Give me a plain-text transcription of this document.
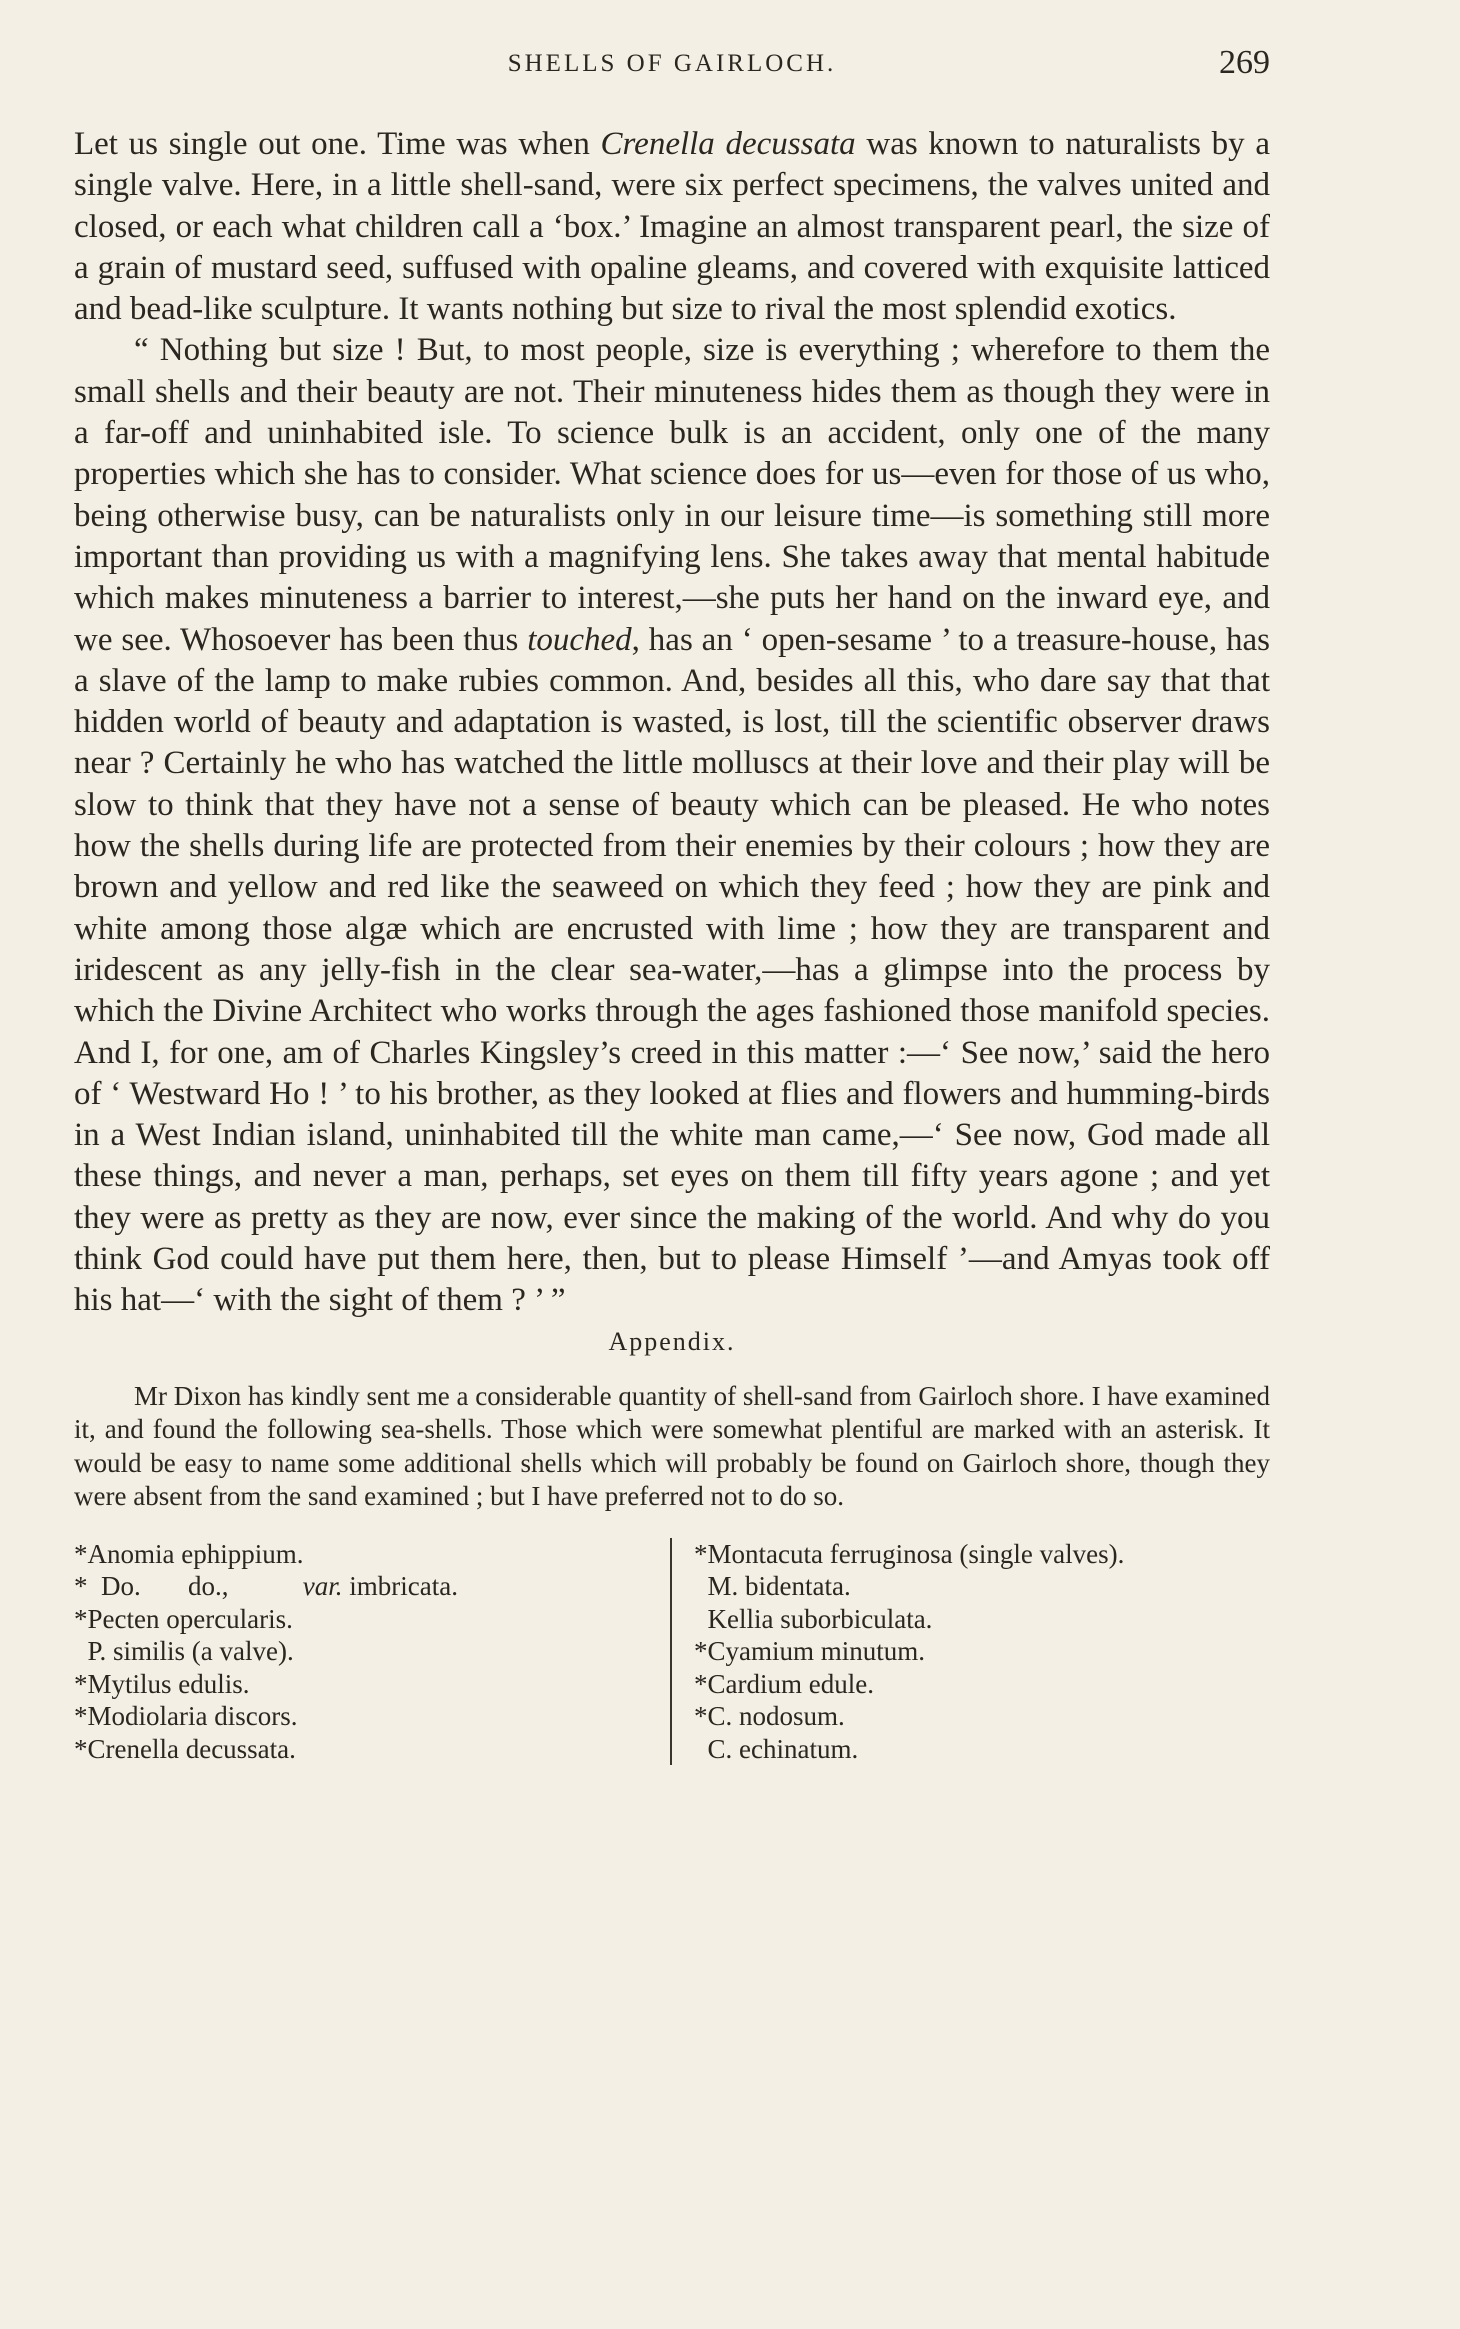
SHELLS OF GAIRLOCH.	269

Let us single out one. Time was when Crenella decussata was known to naturalists by a single valve. Here, in a little shell-sand, were six perfect specimens, the valves united and closed, or each what children call a ‘box.’ Imagine an almost transparent pearl, the size of a grain of mustard seed, suffused with opaline gleams, and covered with exquisite latticed and bead-like sculpture. It wants nothing but size to rival the most splendid exotics.

“ Nothing but size ! But, to most people, size is everything ; wherefore to them the small shells and their beauty are not. Their minuteness hides them as though they were in a far-off and uninhabited isle. To science bulk is an accident, only one of the many properties which she has to consider. What science does for us—even for those of us who, being otherwise busy, can be naturalists only in our leisure time—is something still more important than providing us with a magnifying lens. She takes away that mental habitude which makes minuteness a barrier to interest,—she puts her hand on the inward eye, and we see. Whosoever has been thus touched, has an ‘ open-sesame ’ to a treasure-house, has a slave of the lamp to make rubies common. And, besides all this, who dare say that that hidden world of beauty and adaptation is wasted, is lost, till the scientific observer draws near ? Certainly he who has watched the little molluscs at their love and their play will be slow to think that they have not a sense of beauty which can be pleased. He who notes how the shells during life are protected from their enemies by their colours ; how they are brown and yellow and red like the seaweed on which they feed ; how they are pink and white among those algæ which are encrusted with lime ; how they are transparent and iridescent as any jelly-fish in the clear sea-water,—has a glimpse into the process by which the Divine Architect who works through the ages fashioned those manifold species. And I, for one, am of Charles Kingsley’s creed in this matter :—‘ See now,’ said the hero of ‘ Westward Ho ! ’ to his brother, as they looked at flies and flowers and humming-birds in a West Indian island, uninhabited till the white man came,—‘ See now, God made all these things, and never a man, perhaps, set eyes on them till fifty years agone ; and yet they were as pretty as they are now, ever since the making of the world. And why do you think God could have put them here, then, but to please Himself ’—and Amyas took off his hat—‘ with the sight of them ? ’ ”

Appendix.

Mr Dixon has kindly sent me a considerable quantity of shell-sand from Gairloch shore. I have examined it, and found the following sea-shells. Those which were somewhat plentiful are marked with an asterisk. It would be easy to name some additional shells which will probably be found on Gairloch shore, though they were absent from the sand examined ; but I have preferred not to do so.

*Anomia ephippium.
*  Do.       do.,	var. imbricata.
*Pecten opercularis.
P. similis (a valve).
*Mytilus edulis.
*Modiolaria discors.
*Crenella decussata.
*Montacuta ferruginosa (single valves).
M. bidentata.
Kellia suborbiculata.
*Cyamium minutum.
*Cardium edule.
*C. nodosum.
C. echinatum.
